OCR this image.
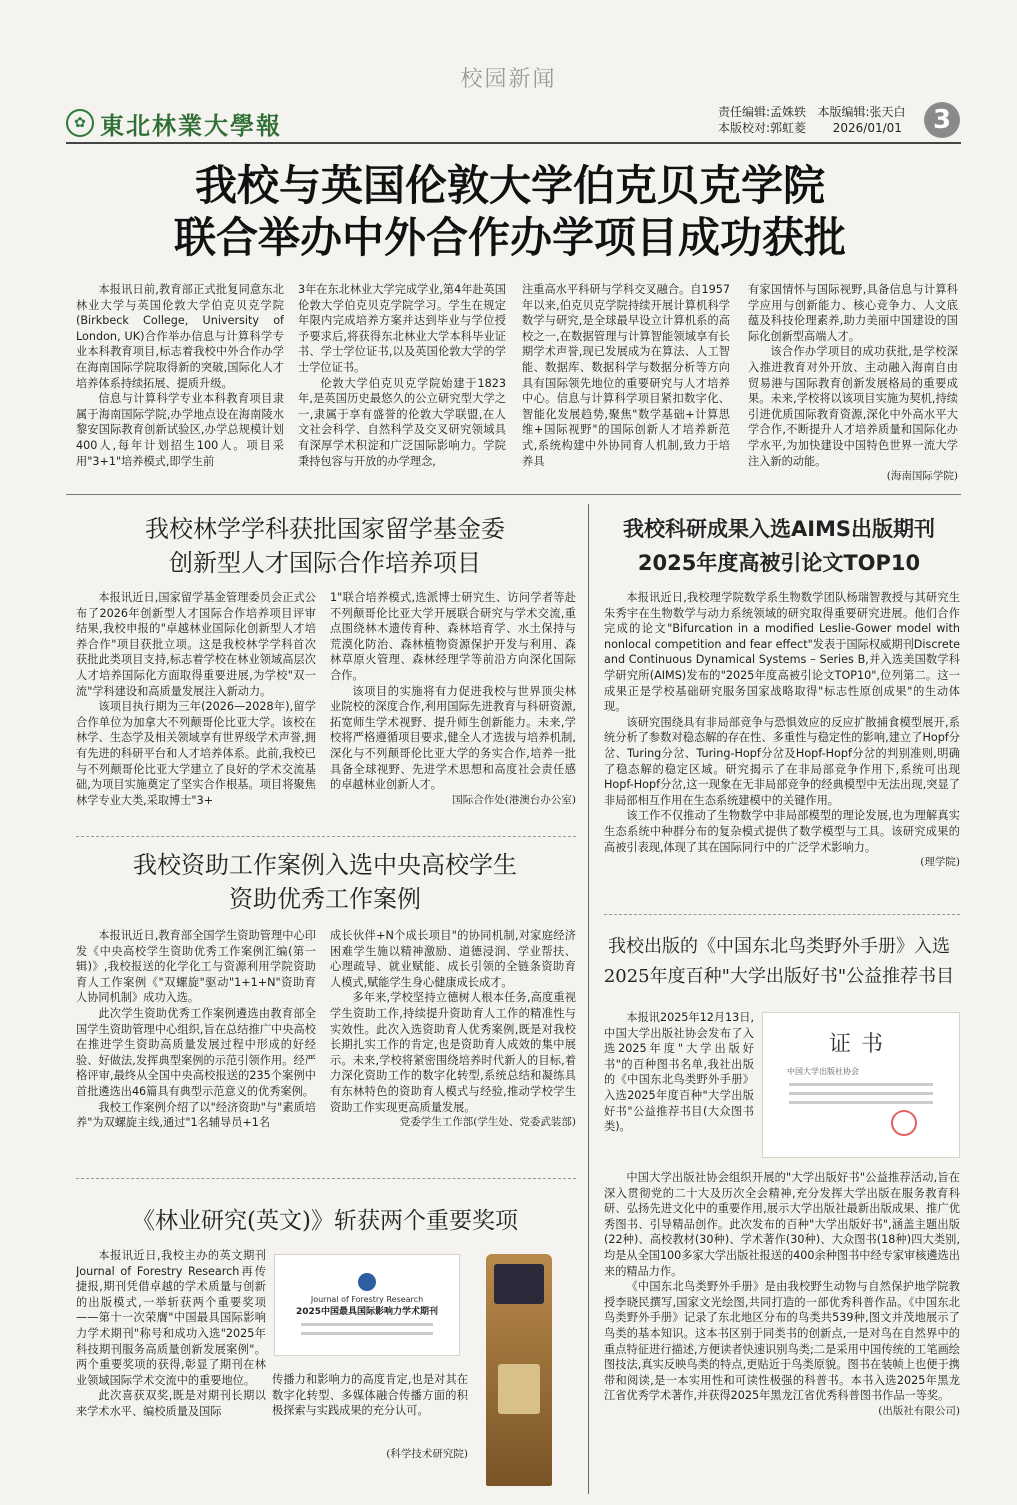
校园新闻
✿ 東北林業大學報	责任编辑:孟姝轶 本版编辑:张天白
本版校对:郭虹菱 2026/01/01	3
我校与英国伦敦大学伯克贝克学院
联合举办中外合作办学项目成功获批

本报讯日前,教育部正式批复同意东北林业大学与英国伦敦大学伯克贝克学院(Birkbeck College, University of London, UK)合作举办信息与计算科学专业本科教育项目,标志着我校中外合作办学在海南国际学院取得新的突破,国际化人才培养体系持续拓展、提质升级。

信息与计算科学专业本科教育项目隶属于海南国际学院,办学地点设在海南陵水黎安国际教育创新试验区,办学总规模计划400人,每年计划招生100人。项目采用"3+1"培养模式,即学生前

3年在东北林业大学完成学业,第4年赴英国伦敦大学伯克贝克学院学习。学生在规定年限内完成培养方案并达到毕业与学位授予要求后,将获得东北林业大学本科毕业证书、学士学位证书,以及英国伦敦大学的学士学位证书。

伦敦大学伯克贝克学院始建于1823年,是英国历史最悠久的公立研究型大学之一,隶属于享有盛誉的伦敦大学联盟,在人文社会科学、自然科学及交叉研究领域具有深厚学术积淀和广泛国际影响力。学院秉持包容与开放的办学理念,

注重高水平科研与学科交叉融合。自1957年以来,伯克贝克学院持续开展计算机科学数学与研究,是全球最早设立计算机系的高校之一,在数据管理与计算智能领域享有长期学术声誉,现已发展成为在算法、人工智能、数据库、数据科学与数据分析等方向具有国际领先地位的重要研究与人才培养中心。信息与计算科学项目紧扣数字化、智能化发展趋势,聚焦"数学基础+计算思维+国际视野"的国际创新人才培养新范式,系统构建中外协同育人机制,致力于培养具

有家国情怀与国际视野,具备信息与计算科学应用与创新能力、核心竞争力、人文底蕴及科技伦理素养,助力美丽中国建设的国际化创新型高端人才。

该合作办学项目的成功获批,是学校深入推进教育对外开放、主动融入海南自由贸易港与国际教育创新发展格局的重要成果。未来,学校将以该项目实施为契机,持续引进优质国际教育资源,深化中外高水平大学合作,不断提升人才培养质量和国际化办学水平,为加快建设中国特色世界一流大学注入新的动能。

(海南国际学院)
我校林学学科获批国家留学基金委
创新型人才国际合作培养项目

本报讯近日,国家留学基金管理委员会正式公布了2026年创新型人才国际合作培养项目评审结果,我校申报的"卓越林业国际化创新型人才培养合作"项目获批立项。这是我校林学学科首次获批此类项目支持,标志着学校在林业领域高层次人才培养国际化方面取得重要进展,为学校"双一流"学科建设和高质量发展注入新动力。

该项目执行期为三年(2026—2028年),留学合作单位为加拿大不列颠哥伦比亚大学。该校在林学、生态学及相关领域享有世界级学术声誉,拥有先进的科研平台和人才培养体系。此前,我校已与不列颠哥伦比亚大学建立了良好的学术交流基础,为项目实施奠定了坚实合作根基。项目将聚焦林学专业大类,采取博士"3+

1"联合培养模式,选派博士研究生、访问学者等赴不列颠哥伦比亚大学开展联合研究与学术交流,重点围绕林木遗传育种、森林培育学、水土保持与荒漠化防治、森林植物资源保护开发与利用、森林草原火管理、森林经理学等前沿方向深化国际合作。

该项目的实施将有力促进我校与世界顶尖林业院校的深度合作,利用国际先进教育与科研资源,拓宽师生学术视野、提升师生创新能力。未来,学校将严格遵循项目要求,健全人才选拔与培养机制,深化与不列颠哥伦比亚大学的务实合作,培养一批具备全球视野、先进学术思想和高度社会责任感的卓越林业创新人才。

国际合作处(港澳台办公室)
我校资助工作案例入选中央高校学生
资助优秀工作案例

本报讯近日,教育部全国学生资助管理中心印发《中央高校学生资助优秀工作案例汇编(第一辑)》,我校报送的化学化工与资源利用学院资助育人工作案例《"双螺旋"驱动"1+1+N"资助育人协同机制》成功入选。

此次学生资助优秀工作案例遴选由教育部全国学生资助管理中心组织,旨在总结推广中央高校在推进学生资助高质量发展过程中形成的好经验、好做法,发挥典型案例的示范引领作用。经严格评审,最终从全国中央高校报送的235个案例中首批遴选出46篇具有典型示范意义的优秀案例。

我校工作案例介绍了以"经济资助"与"素质培养"为双螺旋主线,通过"1名辅导员+1名

成长伙伴+N个成长项目"的协同机制,对家庭经济困难学生施以精神激励、道德浸润、学业帮扶、心理疏导、就业赋能、成长引领的全链条资助育人模式,赋能学生身心健康成长成才。

多年来,学校坚持立德树人根本任务,高度重视学生资助工作,持续提升资助育人工作的精准性与实效性。此次入选资助育人优秀案例,既是对我校长期扎实工作的肯定,也是资助育人成效的集中展示。未来,学校将紧密围绕培养时代新人的目标,着力深化资助工作的数字化转型,系统总结和凝练具有东林特色的资助育人模式与经验,推动学校学生资助工作实现更高质量发展。

党委学生工作部(学生处、党委武装部)
《林业研究(英文)》斩获两个重要奖项

本报讯近日,我校主办的英文期刊Journal of Forestry Research再传捷报,期刊凭借卓越的学术质量与创新的出版模式,一举斩获两个重要奖项——第十一次荣膺"中国最具国际影响力学术期刊"称号和成功入选"2025年科技期刊服务高质量创新发展案例"。两个重要奖项的获得,彰显了期刊在林业领域国际学术交流中的重要地位。

此次喜获双奖,既是对期刊长期以来学术水平、编校质量及国际

Journal of Forestry Research
2025中国最具国际影响力学术期刊

传播力和影响力的高度肯定,也是对其在数字化转型、多媒体融合传播方面的积极探索与实践成果的充分认可。

(科学技术研究院)
我校科研成果入选AIMS出版期刊
2025年度高被引论文TOP10

本报讯近日,我校理学院数学系生物数学团队杨瑞智教授与其研究生朱秀宇在生物数学与动力系统领域的研究取得重要研究进展。他们合作完成的论文"Bifurcation in a modified Leslie-Gower model with nonlocal competition and fear effect"发表于国际权威期刊Discrete and Continuous Dynamical Systems – Series B,并入选美国数学科学研究所(AIMS)发布的"2025年度高被引论文TOP10",位列第二。这一成果正是学校基础研究服务国家战略取得"标志性原创成果"的生动体现。

该研究围绕具有非局部竞争与恐惧效应的反应扩散捕食模型展开,系统分析了参数对稳态解的存在性、多重性与稳定性的影响,建立了Hopf分岔、Turing分岔、Turing-Hopf分岔及Hopf-Hopf分岔的判别准则,明确了稳态解的稳定区域。研究揭示了在非局部竞争作用下,系统可出现Hopf-Hopf分岔,这一现象在无非局部竞争的经典模型中无法出现,突显了非局部相互作用在生态系统建模中的关键作用。

该工作不仅推动了生物数学中非局部模型的理论发展,也为理解真实生态系统中种群分布的复杂模式提供了数学模型与工具。该研究成果的高被引表现,体现了其在国际同行中的广泛学术影响力。

(理学院)
我校出版的《中国东北鸟类野外手册》入选
2025年度百种"大学出版好书"公益推荐书目

本报讯2025年12月13日,中国大学出版社协会发布了入选2025年度"大学出版好书"的百种图书名单,我社出版的《中国东北鸟类野外手册》入选2025年度百种"大学出版好书"公益推荐书目(大众图书类)。

证书
中国大学出版社协会

中国大学出版社协会组织开展的"大学出版好书"公益推荐活动,旨在深入贯彻党的二十大及历次全会精神,充分发挥大学出版在服务教育科研、弘扬先进文化中的重要作用,展示大学出版社最新出版成果、推广优秀图书、引导精品创作。此次发布的百种"大学出版好书",涵盖主题出版(22种)、高校教材(30种)、学术著作(30种)、大众图书(18种)四大类别,均是从全国100多家大学出版社报送的400余种图书中经专家审核遴选出来的精品力作。

《中国东北鸟类野外手册》是由我校野生动物与自然保护地学院教授李晓民撰写,国家文光绘图,共同打造的一部优秀科普作品。《中国东北鸟类野外手册》记录了东北地区分布的鸟类共539种,图文并茂地展示了鸟类的基本知识。这本书区别于同类书的创新点,一是对鸟在自然界中的重点特征进行描述,方便读者快速识别鸟类;二是采用中国传统的工笔画绘图技法,真实反映鸟类的特点,更贴近于鸟类原貌。图书在装帧上也便于携带和阅读,是一本实用性和可读性极强的科普书。本书入选2025年黑龙江省优秀学术著作,并获得2025年黑龙江省优秀科普图书作品一等奖。

(出版社有限公司)
